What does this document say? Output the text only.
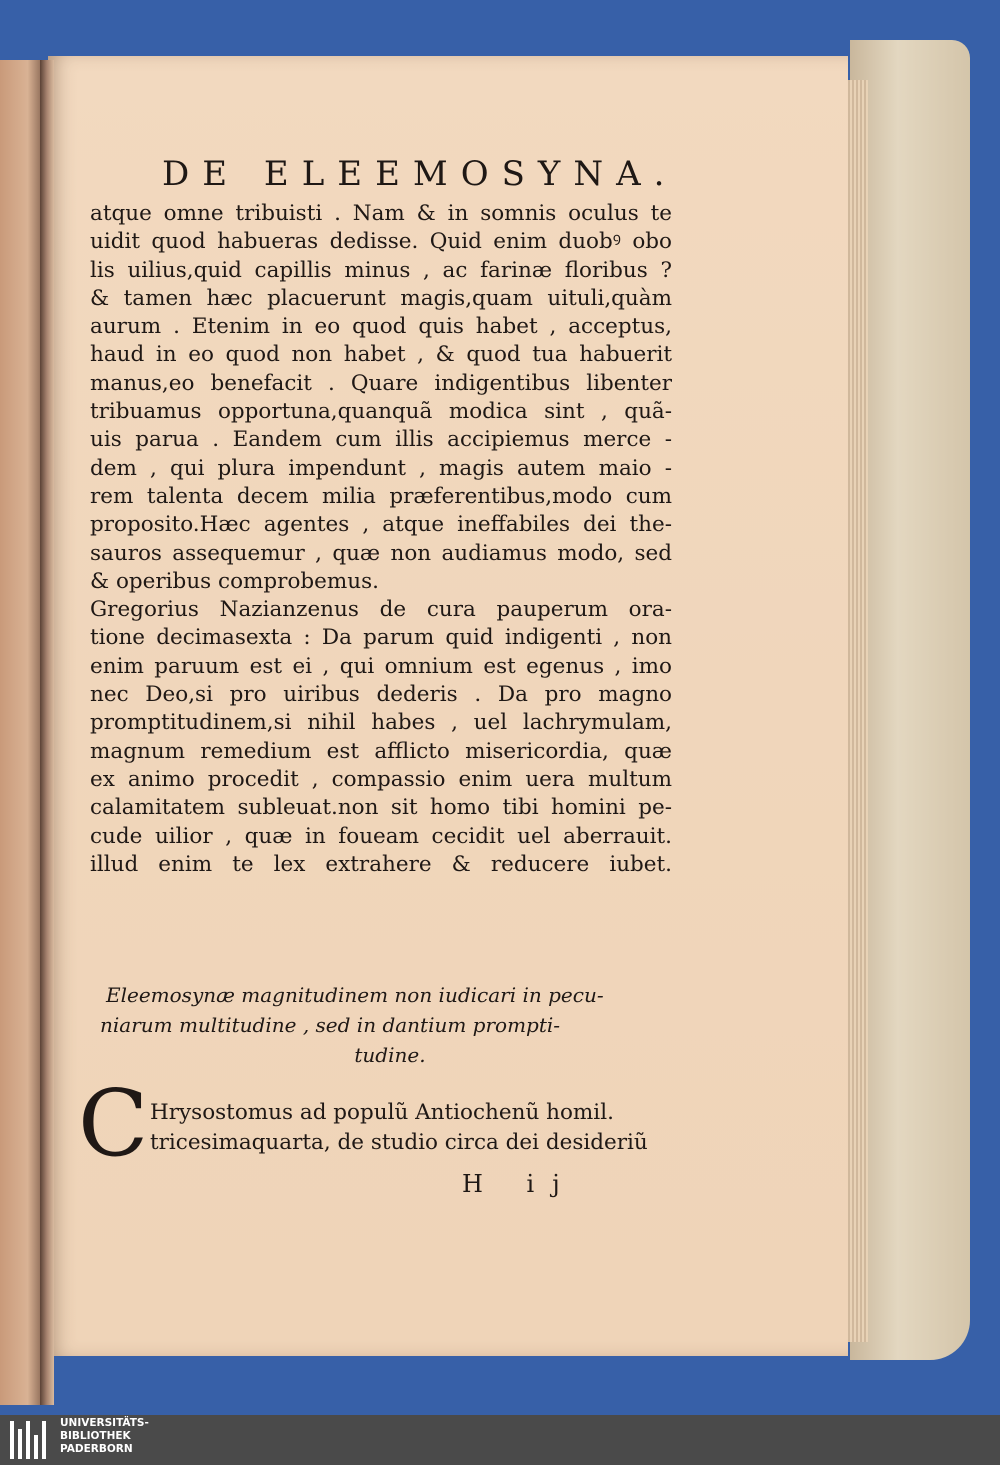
DE ELEEMOSYNA.
atque omne tribuisti . Nam & in somnis oculus te
uidit quod habueras dedisse. Quid enim duobꝰ obo
lis uilius,quid capillis minus , ac farinæ floribus ?
& tamen hæc placuerunt magis,quam uituli,quàm
aurum . Etenim in eo quod quis habet , acceptus,
haud in eo quod non habet , & quod tua habuerit
manus,eo benefacit . Quare indigentibus libenter
tribuamus opportuna,quanquã modica sint , quã-
uis parua . Eandem cum illis accipiemus merce -
dem , qui plura impendunt , magis autem maio -
rem talenta decem milia præferentibus,modo cum
proposito.Hæc agentes , atque ineffabiles dei the-
sauros assequemur , quæ non audiamus modo, sed
& operibus comprobemus.
Gregorius Nazianzenus de cura pauperum ora-
tione decimasexta : Da parum quid indigenti , non
enim paruum est ei , qui omnium est egenus , imo
nec Deo,si pro uiribus dederis . Da pro magno
promptitudinem,si nihil habes , uel lachrymulam,
magnum remedium est afflicto misericordia, quæ
ex animo procedit , compassio enim uera multum
calamitatem subleuat.non sit homo tibi homini pe-
cude uilior , quæ in foueam cecidit uel aberrauit.
illud enim te lex extrahere & reducere iubet.
Eleemosynæ magnitudinem non iudicari in pecu-
niarum multitudine , sed in dantium prompti-
tudine.
C Hrysostomus ad populũ Antiochenũ homil.
tricesimaquarta, de studio circa dei desideriũ
H ij
UNIVERSITÄTS-
BIBLIOTHEK
PADERBORN
